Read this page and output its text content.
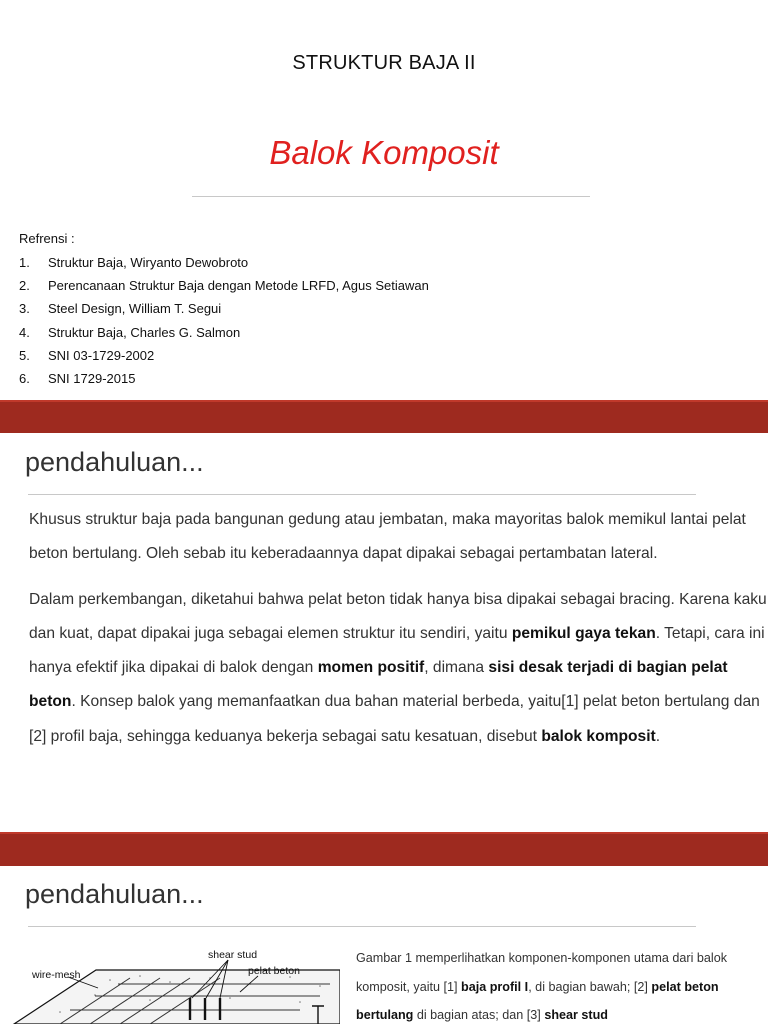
STRUKTUR BAJA II
Balok Komposit
Refrensi :
1.	Struktur Baja, Wiryanto Dewobroto
2.	Perencanaan Struktur Baja dengan Metode LRFD, Agus Setiawan
3.	Steel Design, William T. Segui
4.	Struktur Baja, Charles G. Salmon
5.	SNI 03-1729-2002
6.	SNI 1729-2015
pendahuluan...

Khusus struktur baja pada bangunan gedung atau jembatan, maka mayoritas balok memikul lantai pelat beton bertulang. Oleh sebab itu keberadaannya dapat dipakai sebagai pertambatan lateral.

Dalam perkembangan, diketahui bahwa pelat beton tidak hanya bisa dipakai sebagai bracing. Karena kaku dan kuat, dapat dipakai juga sebagai elemen struktur itu sendiri, yaitu pemikul gaya tekan. Tetapi, cara ini hanya efektif jika dipakai di balok dengan momen positif, dimana sisi desak terjadi di bagian pelat beton. Konsep balok yang memanfaatkan dua bahan material berbeda, yaitu[1] pelat beton bertulang dan [2] profil baja, sehingga keduanya bekerja sebagai satu kesatuan, disebut balok komposit.

pendahuluan...
shear stud
pelat beton
wire-mesh
Gambar 1 memperlihatkan komponen-komponen utama dari balok komposit, yaitu [1] baja profil I, di bagian bawah; [2] pelat beton bertulang di bagian atas; dan [3] shear stud
